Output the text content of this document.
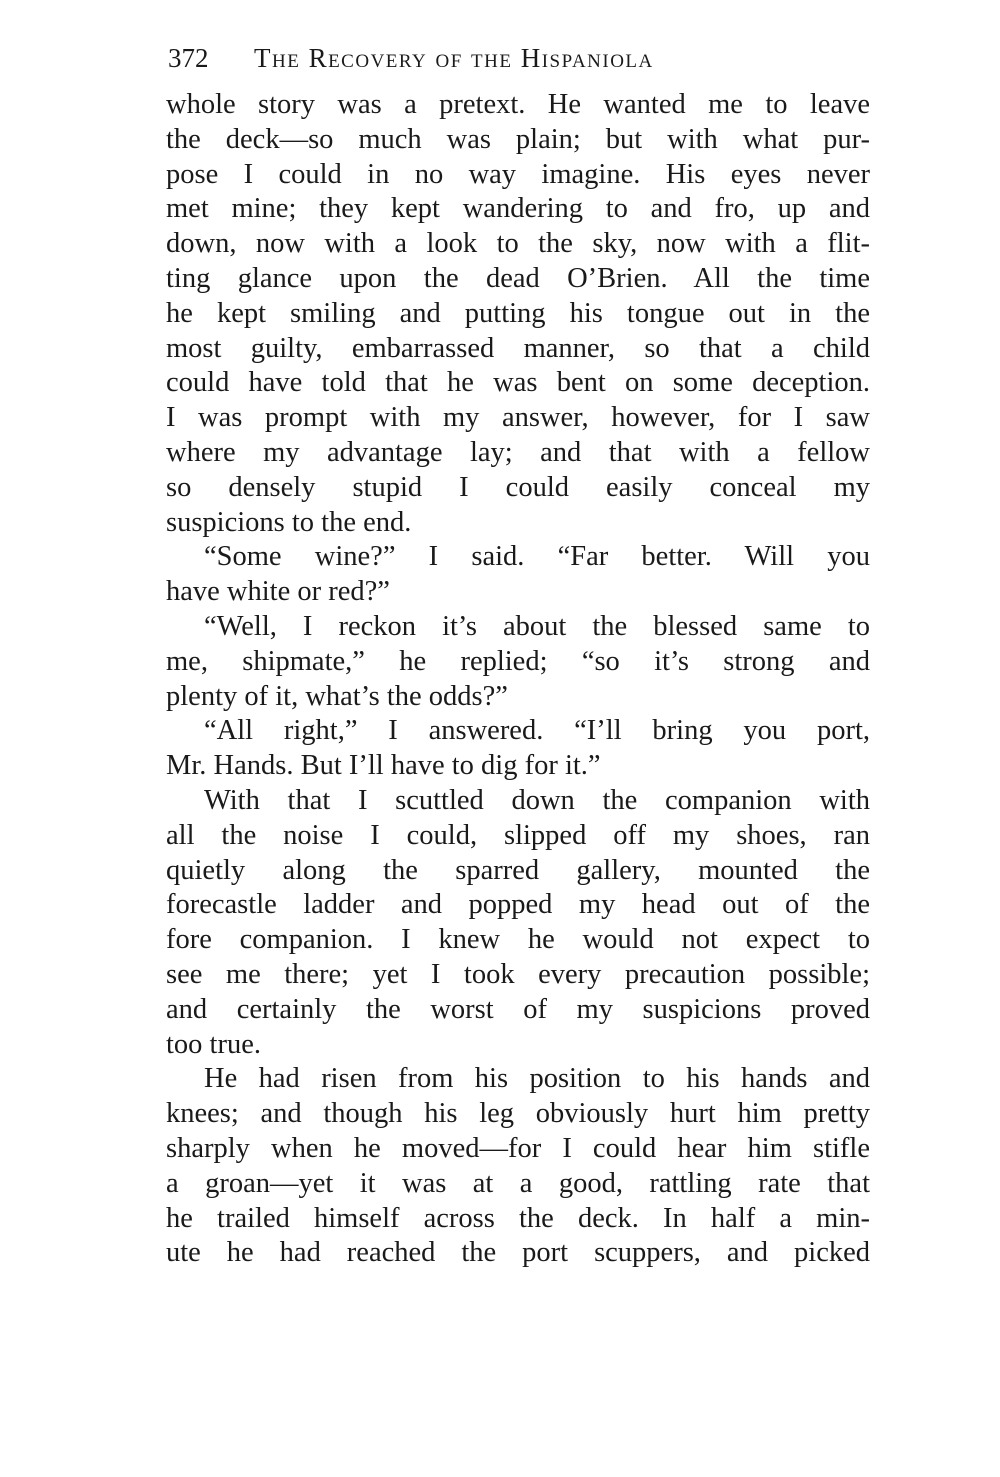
372 The Recovery of the Hispaniola
whole story was a pretext. He wanted me to leave
the deck—so much was plain; but with what pur-
pose I could in no way imagine. His eyes never
met mine; they kept wandering to and fro, up and
down, now with a look to the sky, now with a flit-
ting glance upon the dead O’Brien. All the time
he kept smiling and putting his tongue out in the
most guilty, embarrassed manner, so that a child
could have told that he was bent on some deception.
I was prompt with my answer, however, for I saw
where my advantage lay; and that with a fellow
so densely stupid I could easily conceal my
suspicions to the end.
“Some wine?” I said. “Far better. Will you
have white or red?”
“Well, I reckon it’s about the blessed same to
me, shipmate,” he replied; “so it’s strong and
plenty of it, what’s the odds?”
“All right,” I answered. “I’ll bring you port,
Mr. Hands. But I’ll have to dig for it.”
With that I scuttled down the companion with
all the noise I could, slipped off my shoes, ran
quietly along the sparred gallery, mounted the
forecastle ladder and popped my head out of the
fore companion. I knew he would not expect to
see me there; yet I took every precaution possible;
and certainly the worst of my suspicions proved
too true.
He had risen from his position to his hands and
knees; and though his leg obviously hurt him pretty
sharply when he moved—for I could hear him stifle
a groan—yet it was at a good, rattling rate that
he trailed himself across the deck. In half a min-
ute he had reached the port scuppers, and picked
